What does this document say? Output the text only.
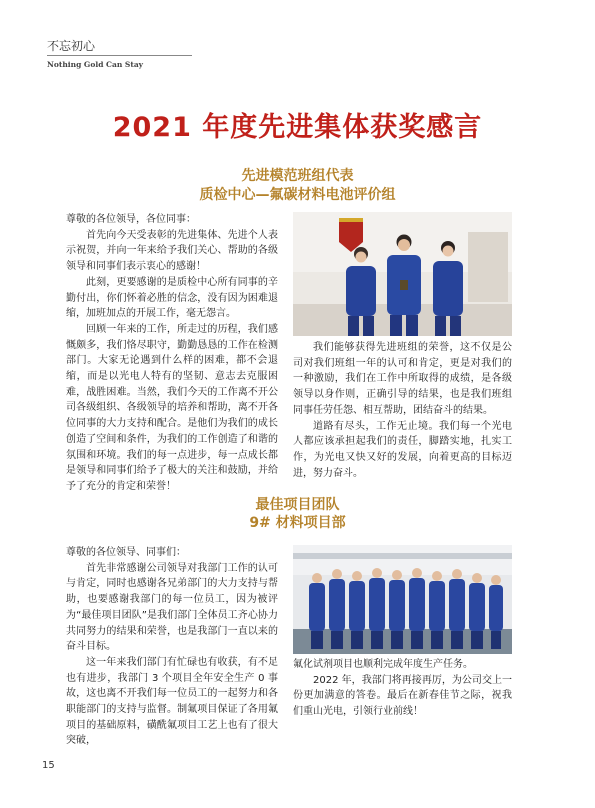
不忘初心
Nothing Gold Can Stay
2021 年度先进集体获奖感言
先进模范班组代表
质检中心—氟碳材料电池评价组

尊敬的各位领导，各位同事：

首先向今天受表彰的先进集体、先进个人表示祝贺，并向一年来给予我们关心、帮助的各级领导和同事们表示衷心的感谢！

此刻，更要感谢的是质检中心所有同事的辛勤付出，你们怀着必胜的信念，没有因为困难退缩，加班加点的开展工作，毫无怨言。

回顾一年来的工作，所走过的历程，我们感慨颇多，我们恪尽职守，勤勤恳恳的工作在检测部门。大家无论遇到什么样的困难，都不会退缩，而是以光电人特有的坚韧、意志去克服困难，战胜困难。当然，我们今天的工作离不开公司各级组织、各级领导的培养和帮助，离不开各位同事的大力支持和配合。是他们为我们的成长创造了空间和条件，为我们的工作创造了和谐的氛围和环境。我们的每一点进步，每一点成长都是领导和同事们给予了极大的关注和鼓励，并给予了充分的肯定和荣誉！

我们能够获得先进班组的荣誉，这不仅是公司对我们班组一年的认可和肯定，更是对我们的一种激励，我们在工作中所取得的成绩，是各级领导以身作则，正确引导的结果，也是我们班组同事任劳任怨、相互帮助，团结奋斗的结果。

道路有尽头，工作无止境。我们每一个光电人都应该承担起我们的责任，脚踏实地，扎实工作，为光电又快又好的发展，向着更高的目标迈进，努力奋斗。

最佳项目团队
9# 材料项目部

尊敬的各位领导、同事们：

首先非常感谢公司领导对我部门工作的认可与肯定，同时也感谢各兄弟部门的大力支持与帮助，也要感谢我部门的每一位员工，因为被评为“最佳项目团队”是我们部门全体员工齐心协力共同努力的结果和荣誉，也是我部门一直以来的奋斗目标。

这一年来我们部门有忙碌也有收获，有不足也有进步，我部门 3 个项目全年安全生产 0 事故，这也离不开我们每一位员工的一起努力和各职能部门的支持与监督。制氟项目保证了各用氟项目的基础原料，磺酰氟项目工艺上也有了很大突破，

氟化试剂项目也顺利完成年度生产任务。

2022 年，我部门将再接再厉，为公司交上一份更加满意的答卷。最后在新春佳节之际，祝我们重山光电，引领行业前线！

15
